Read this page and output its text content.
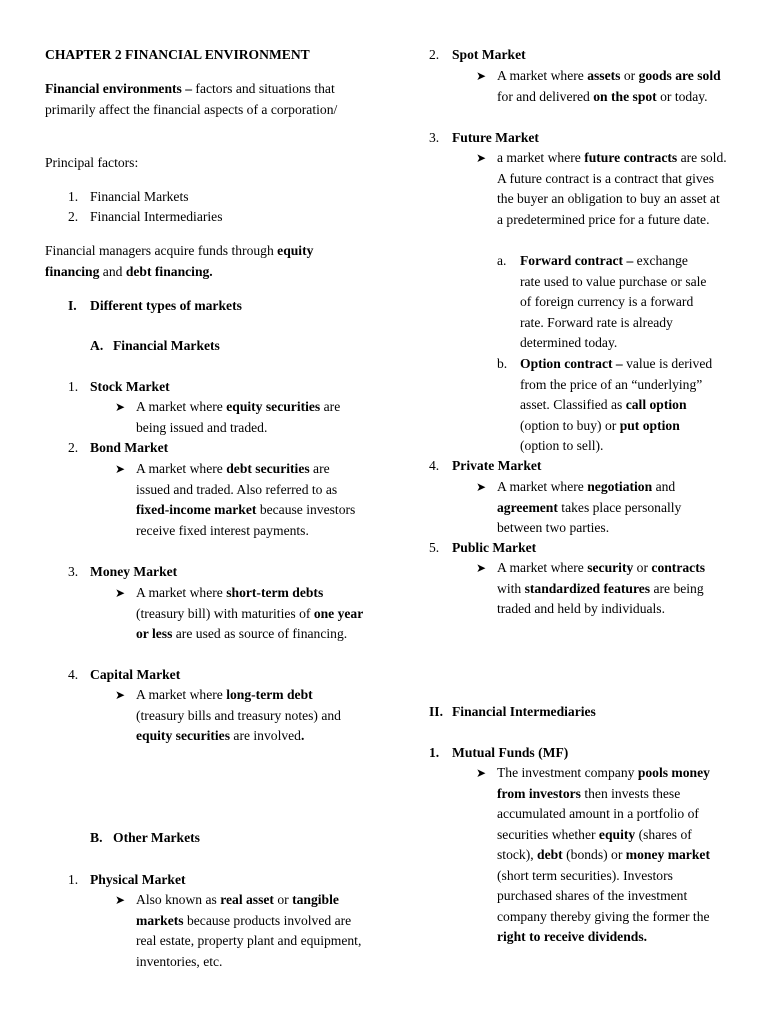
CHAPTER 2 FINANCIAL ENVIRONMENT
Financial environments – factors and situations that primarily affect the financial aspects of a corporation/
Principal factors:
1. Financial Markets
2. Financial Intermediaries
Financial managers acquire funds through equity financing and debt financing.
I. Different types of markets
A. Financial Markets
1. Stock Market
➤ A market where equity securities are being issued and traded.
2. Bond Market
➤ A market where debt securities are issued and traded. Also referred to as fixed-income market because investors receive fixed interest payments.
3. Money Market
➤ A market where short-term debts (treasury bill) with maturities of one year or less are used as source of financing.
4. Capital Market
➤ A market where long-term debt (treasury bills and treasury notes) and equity securities are involved.
B. Other Markets
1. Physical Market
➤ Also known as real asset or tangible markets because products involved are real estate, property plant and equipment, inventories, etc.
2. Spot Market
➤ A market where assets or goods are sold for and delivered on the spot or today.
3. Future Market
➤ a market where future contracts are sold. A future contract is a contract that gives the buyer an obligation to buy an asset at a predetermined price for a future date.
a. Forward contract – exchange rate used to value purchase or sale of foreign currency is a forward rate. Forward rate is already determined today.
b. Option contract – value is derived from the price of an “underlying” asset. Classified as call option (option to buy) or put option (option to sell).
4. Private Market
➤ A market where negotiation and agreement takes place personally between two parties.
5. Public Market
➤ A market where security or contracts with standardized features are being traded and held by individuals.
II. Financial Intermediaries
1. Mutual Funds (MF)
➤ The investment company pools money from investors then invests these accumulated amount in a portfolio of securities whether equity (shares of stock), debt (bonds) or money market (short term securities). Investors purchased shares of the investment company thereby giving the former the right to receive dividends.
